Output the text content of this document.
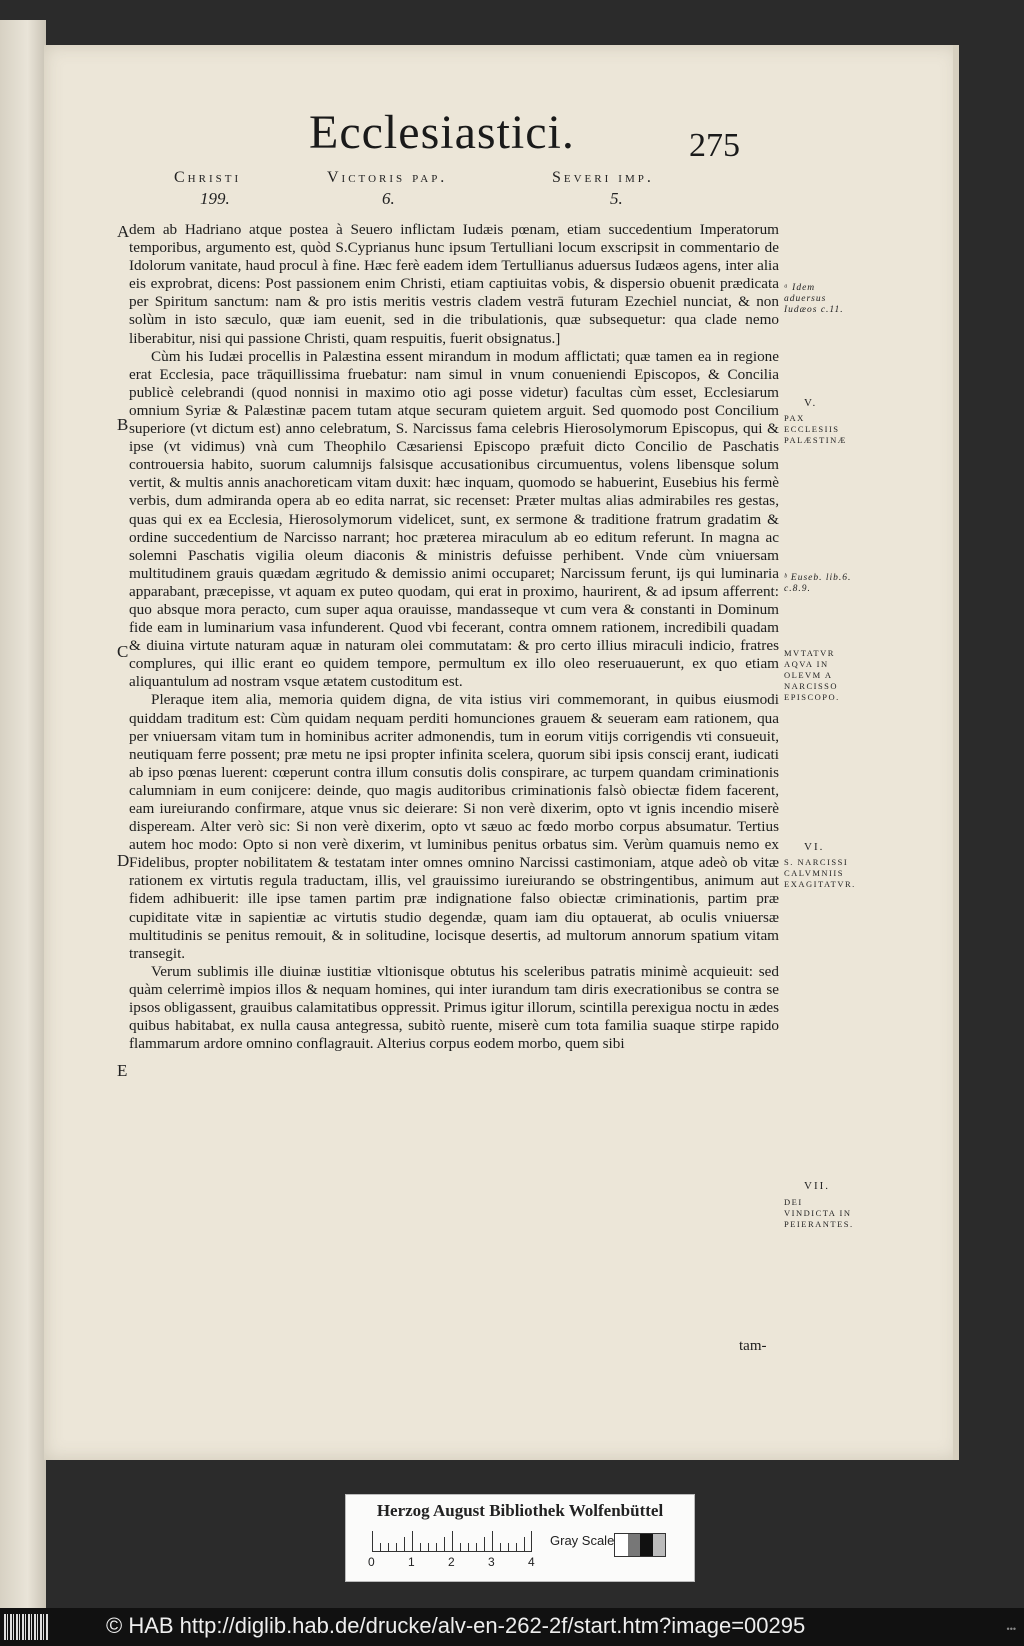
Ecclesiastici.	275
Christi
199.
Victoris pap.
6.
Severi imp.
5.
A
B
C
D
E

dem ab Hadriano atque postea à Seuero inflictam Iudæis pœnam, etiam succedentium Imperatorum temporibus, argumento est, quòd S.Cyprianus hunc ipsum Tertulliani locum exscripsit in commentario de Idolorum vanitate, haud procul à fine. Hæc ferè eadem idem Tertullianus aduersus Iudæos agens, inter alia eis exprobrat, dicens: Post passionem enim Christi, etiam captiuitas vobis, & dispersio obuenit prædicata per Spiritum sanctum: nam & pro istis meritis vestris cladem vestrā futuram Ezechiel nunciat, & non solùm in isto sæculo, quæ iam euenit, sed in die tribulationis, quæ subsequetur: qua clade nemo liberabitur, nisi qui passione Christi, quam respuitis, fuerit obsignatus.]

Cùm his Iudæi procellis in Palæstina essent mirandum in modum afflictati; quæ tamen ea in regione erat Ecclesia, pace trāquillissima fruebatur: nam simul in vnum conueniendi Episcopos, & Concilia publicè celebrandi (quod nonnisi in maximo otio agi posse videtur) facultas cùm esset, Ecclesiarum omnium Syriæ & Palæstinæ pacem tutam atque securam quietem arguit. Sed quomodo post Concilium superiore (vt dictum est) anno celebratum, S. Narcissus fama celebris Hierosolymorum Episcopus, qui & ipse (vt vidimus) vnà cum Theophilo Cæsariensi Episcopo præfuit dicto Concilio de Paschatis controuersia habito, suorum calumnijs falsisque accusationibus circumuentus, volens libensque solum vertit, & multis annis anachoreticam vitam duxit: hæc inquam, quomodo se habuerint, Eusebius his fermè verbis, dum admiranda opera ab eo edita narrat, sic recenset: Præter multas alias admirabiles res gestas, quas qui ex ea Ecclesia, Hierosolymorum videlicet, sunt, ex sermone & traditione fratrum gradatim & ordine succedentium de Narcisso narrant; hoc præterea miraculum ab eo editum referunt. In magna ac solemni Paschatis vigilia oleum diaconis & ministris defuisse perhibent. Vnde cùm vniuersam multitudinem grauis quædam ægritudo & demissio animi occuparet; Narcissum ferunt, ijs qui luminaria apparabant, præcepisse, vt aquam ex puteo quodam, qui erat in proximo, haurirent, & ad ipsum afferrent: quo absque mora peracto, cum super aqua orauisse, mandasseque vt cum vera & constanti in Dominum fide eam in luminarium vasa infunderent. Quod vbi fecerant, contra omnem rationem, incredibili quadam & diuina virtute naturam aquæ in naturam olei commutatam: & pro certo illius miraculi indicio, fratres complures, qui illic erant eo quidem tempore, permultum ex illo oleo reseruauerunt, ex quo etiam aliquantulum ad nostram vsque ætatem custoditum est.

Pleraque item alia, memoria quidem digna, de vita istius viri commemorant, in quibus eiusmodi quiddam traditum est: Cùm quidam nequam perditi homunciones grauem & seueram eam rationem, qua per vniuersam vitam tum in hominibus acriter admonendis, tum in eorum vitijs corrigendis vti consueuit, neutiquam ferre possent; præ metu ne ipsi propter infinita scelera, quorum sibi ipsis conscij erant, iudicati ab ipso pœnas luerent: cœperunt contra illum consutis dolis conspirare, ac turpem quandam criminationis calumniam in eum conijcere: deinde, quo magis auditoribus criminationis falsò obiectæ fidem facerent, eam iureiurando confirmare, atque vnus sic deierare: Si non verè dixerim, opto vt ignis incendio miserè dispeream. Alter verò sic: Si non verè dixerim, opto vt sæuo ac fœdo morbo corpus absumatur. Tertius autem hoc modo: Opto si non verè dixerim, vt luminibus penitus orbatus sim. Verùm quamuis nemo ex Fidelibus, propter nobilitatem & testatam inter omnes omnino Narcissi castimoniam, atque adeò ob vitæ rationem ex virtutis regula traductam, illis, vel grauissimo iureiurando se obstringentibus, animum aut fidem adhibuerit: ille ipse tamen partim præ indignatione falso obiectæ criminationis, partim præ cupiditate vitæ in sapientiæ ac virtutis studio degendæ, quam iam diu optauerat, ab oculis vniuersæ multitudinis se penitus remouit, & in solitudine, locisque desertis, ad multorum annorum spatium vitam transegit.

Verum sublimis ille diuinæ iustitiæ vltionisque obtutus his sceleribus patratis minimè acquieuit: sed quàm celerrimè impios illos & nequam homines, qui inter iurandum tam diris execrationibus se contra se ipsos obligassent, grauibus calamitatibus oppressit. Primus igitur illorum, scintilla perexigua noctu in ædes quibus habitabat, ex nulla causa antegressa, subitò ruente, miserè cum tota familia suaque stirpe rapido flammarum ardore omnino conflagrauit. Alterius corpus eodem morbo, quem sibi

tam-
ᵃ Idem aduersus Iudæos c.11.
V.
PAX ECCLESIIS PALÆSTINÆ
ᵇ Euseb. lib.6. c.8.9.
MVTATVR AQVA IN OLEVM A NARCISSO EPISCOPO.
VI.
S. NARCISSI CALVMNIIS EXAGITATVR.
VII.
DEI VINDICTA IN PEIERANTES.
Herzog August Bibliothek Wolfenbüttel
0	1	2	3	4
Gray Scale
© HAB http://diglib.hab.de/drucke/alv-en-262-2f/start.htm?image=00295	•••
